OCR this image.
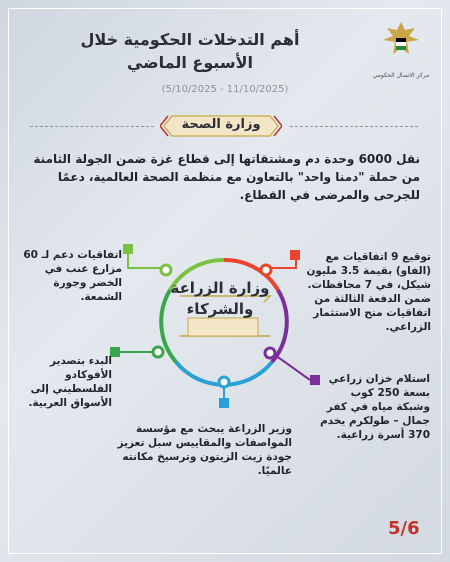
مركز الاتصال الحكومي
أهم التدخلات الحكومية خلال
الأسبوع الماضي
(5/10/2025 - 11/10/2025)
وزارة الصحة
نقل 6000 وحدة دم ومشتقاتها إلى قطاع غزة ضمن الجولة الثامنة من حملة "دمنا واحد" بالتعاون مع منظمة الصحة العالمية، دعمًا للجرحى والمرضى في القطاع.
وزارة الزراعة
والشركاء
توقيع 9 اتفاقيات مع (الفاو) بقيمة 3.5 مليون شيكل، في 7 محافظات. ضمن الدفعة الثالثة من اتفاقيات منح الاستثمار الزراعي.
استلام خزان زراعي بسعة 250 كوب وشبكة مياه في كفر جمال – طولكرم يخدم 370 أسرة زراعية.
وزير الزراعة يبحث مع مؤسسة المواصفات والمقاييس سبل تعزيز جودة زيت الزيتون وترسيخ مكانته عالميًا.
البدء بتصدير الأفوكادو الفلسطيني إلى الأسواق العربية.
اتفاقيات دعم لـ 60 مزارع عنب في الخضر وجورة الشمعة.
5/6
